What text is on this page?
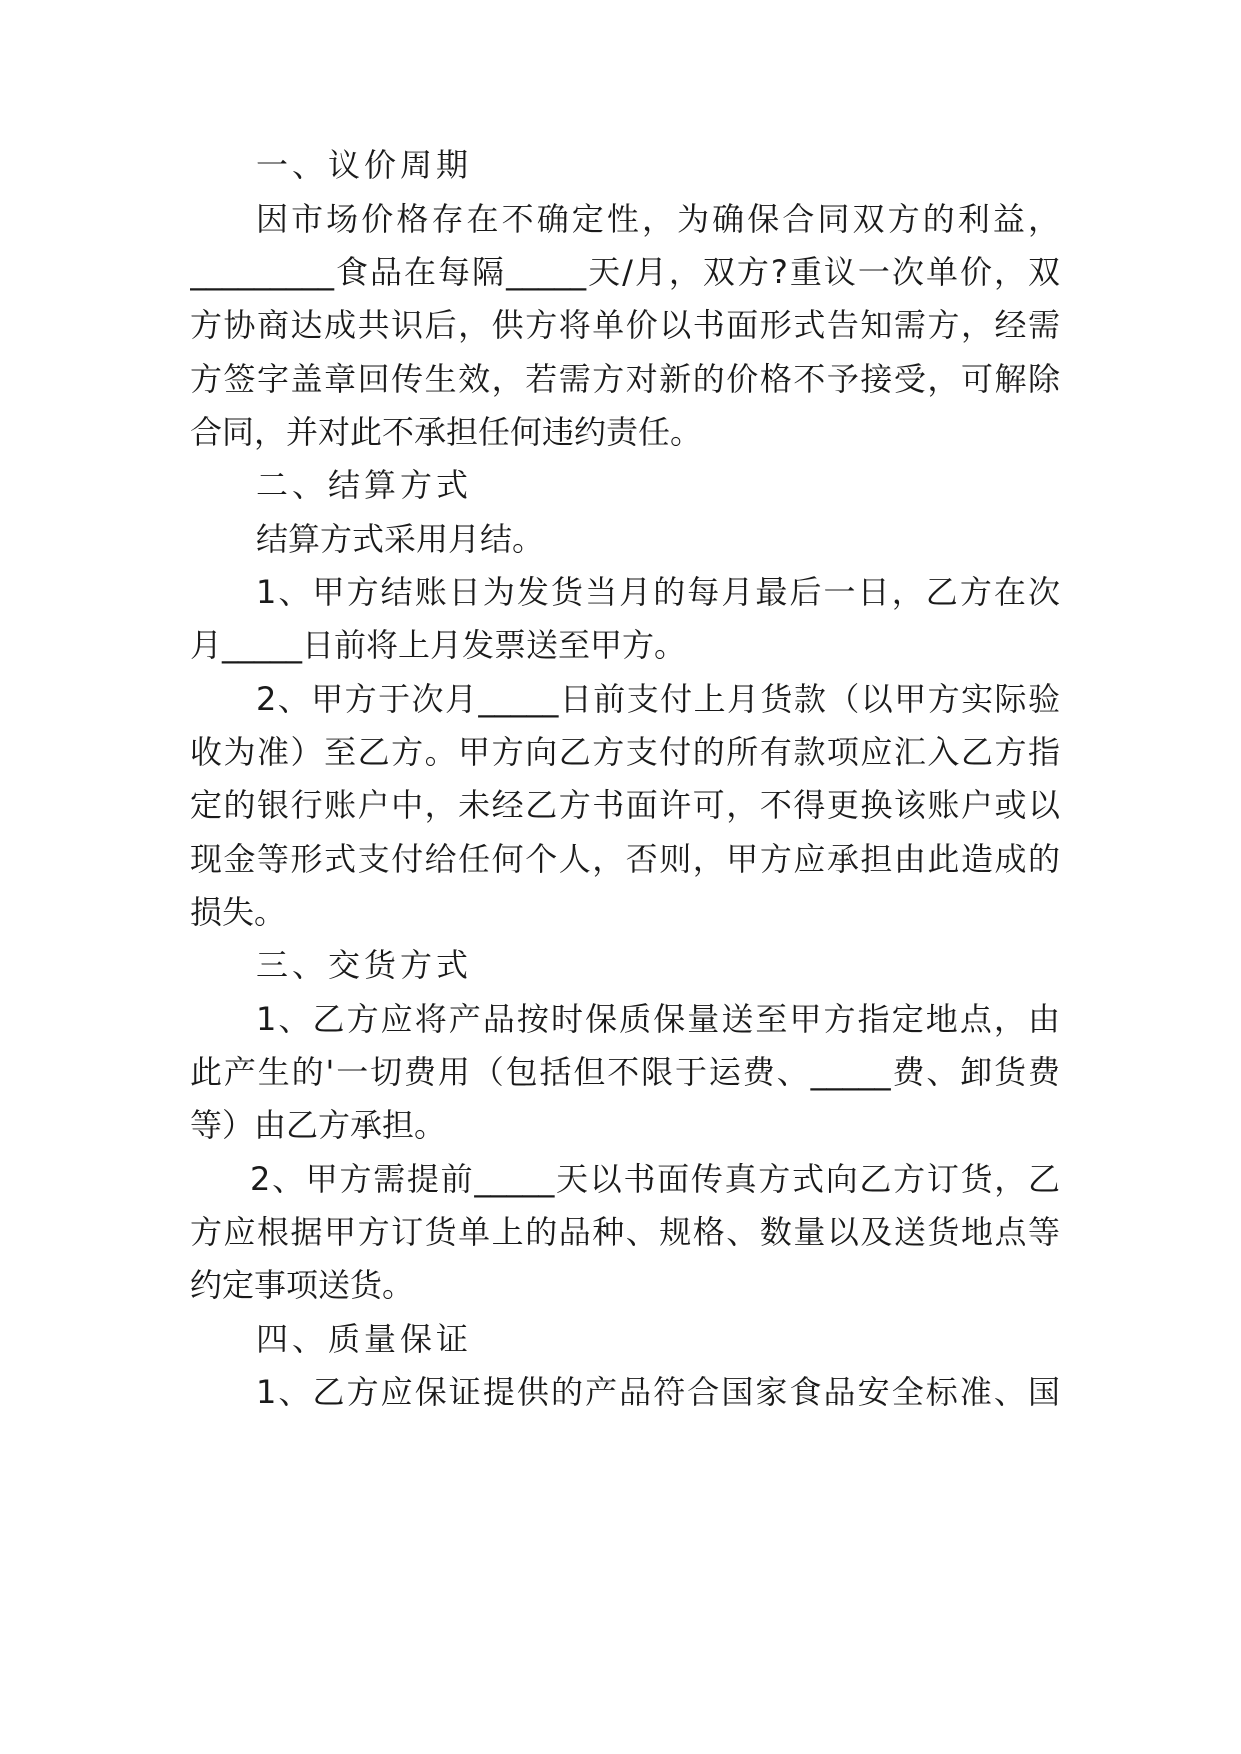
一、议价周期
因市场价格存在不确定性，为确保合同双方的利益，
_________食品在每隔_____天/月，双方?重议一次单价，双
方协商达成共识后，供方将单价以书面形式告知需方，经需
方签字盖章回传生效，若需方对新的价格不予接受，可解除
合同，并对此不承担任何违约责任。
二、结算方式
结算方式采用月结。
1、甲方结账日为发货当月的每月最后一日，乙方在次
月_____日前将上月发票送至甲方。
2、甲方于次月_____日前支付上月货款（以甲方实际验
收为准）至乙方。甲方向乙方支付的所有款项应汇入乙方指
定的银行账户中，未经乙方书面许可，不得更换该账户或以
现金等形式支付给任何个人，否则，甲方应承担由此造成的
损失。
三、交货方式
1、乙方应将产品按时保质保量送至甲方指定地点，由
此产生的'一切费用（包括但不限于运费、_____费、卸货费
等）由乙方承担。
2、甲方需提前_____天以书面传真方式向乙方订货，乙
方应根据甲方订货单上的品种、规格、数量以及送货地点等
约定事项送货。
四、质量保证
1、乙方应保证提供的产品符合国家食品安全标准、国
